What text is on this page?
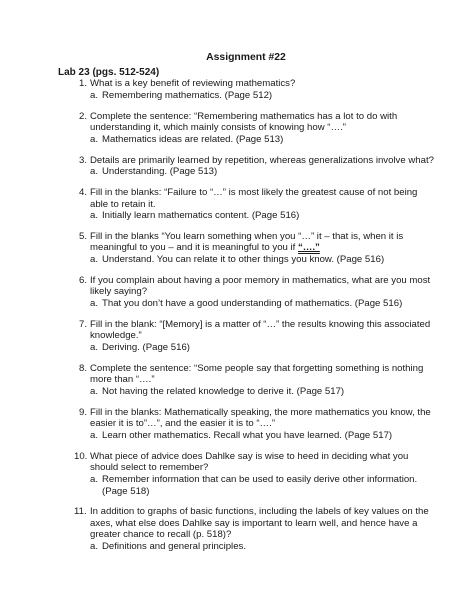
Assignment #22
Lab 23 (pgs. 512-524)
1. What is a key benefit of reviewing mathematics?
a. Remembering mathematics. (Page 512)
2. Complete the sentence: “Remembering mathematics has a lot to do with understanding it, which mainly consists of knowing how “….”
a. Mathematics ideas are related. (Page 513)
3. Details are primarily learned by repetition, whereas generalizations involve what?
a. Understanding. (Page 513)
4. Fill in the blanks: “Failure to “…” is most likely the greatest cause of not being able to retain it.
a. Initially learn mathematics content. (Page 516)
5. Fill in the blanks “You learn something when you “…” it – that is, when it is meaningful to you – and it is meaningful to you if “….”
a. Understand. You can relate it to other things you know. (Page 516)
6. If you complain about having a poor memory in mathematics, what are you most likely saying?
a. That you don’t have a good understanding of mathematics. (Page 516)
7. Fill in the blank: “[Memory] is a matter of “…” the results knowing this associated knowledge.”
a. Deriving. (Page 516)
8. Complete the sentence: “Some people say that forgetting something is nothing more than “….”
a. Not having the related knowledge to derive it. (Page 517)
9. Fill in the blanks: Mathematically speaking, the more mathematics you know, the easier it is to”…”, and the easier it is to “….”
a. Learn other mathematics. Recall what you have learned. (Page 517)
10. What piece of advice does Dahlke say is wise to heed in deciding what you should select to remember?
a. Remember information that can be used to easily derive other information. (Page 518)
11. In addition to graphs of basic functions, including the labels of key values on the axes, what else does Dahlke say is important to learn well, and hence have a greater chance to recall (p. 518)?
a. Definitions and general principles.
